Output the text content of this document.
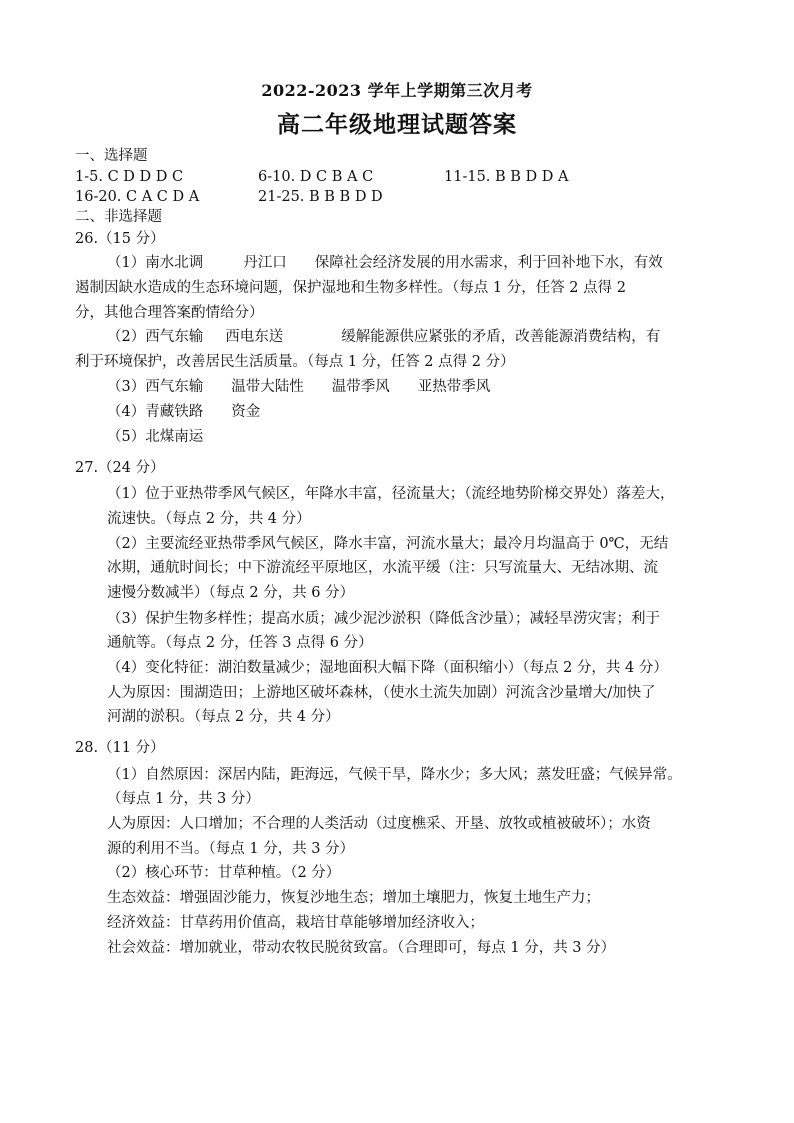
2022-2023 学年上学期第三次月考
高二年级地理试题答案
一、选择题
1-5. C D D D C	6-10. D C B A C	11-15. B B D D A
16-20. C A C D A	21-25. B B B D D
二、非选择题
26.（15 分）
（1）南水北调	丹江口 保障社会经济发展的用水需求，利于回补地下水，有效
遏制因缺水造成的生态环境问题，保护湿地和生物多样性。（每点 1 分，任答 2 点得 2
分，其他合理答案酌情给分）
（2）西气东输 西电东送	缓解能源供应紧张的矛盾，改善能源消费结构，有
利于环境保护，改善居民生活质量。（每点 1 分，任答 2 点得 2 分）
（3）西气东输 温带大陆性 温带季风 亚热带季风
（4）青藏铁路 资金
（5）北煤南运
27.（24 分）
（1）位于亚热带季风气候区，年降水丰富，径流量大；（流经地势阶梯交界处）落差大，
流速快。（每点 2 分，共 4 分）
（2）主要流经亚热带季风气候区，降水丰富，河流水量大；最冷月均温高于 0℃，无结
冰期，通航时间长；中下游流经平原地区，水流平缓（注：只写流量大、无结冰期、流
速慢分数减半）（每点 2 分，共 6 分）
（3）保护生物多样性；提高水质；减少泥沙淤积（降低含沙量）；减轻旱涝灾害；利于
通航等。（每点 2 分，任答 3 点得 6 分）
（4）变化特征：湖泊数量减少；湿地面积大幅下降（面积缩小）（每点 2 分，共 4 分）
人为原因：围湖造田；上游地区破坏森林，（使水土流失加剧）河流含沙量增大/加快了
河湖的淤积。（每点 2 分，共 4 分）
28.（11 分）
（1）自然原因：深居内陆，距海远，气候干旱，降水少；多大风；蒸发旺盛；气候异常。
（每点 1 分，共 3 分）
人为原因：人口增加；不合理的人类活动（过度樵采、开垦、放牧或植被破坏）；水资
源的利用不当。（每点 1 分，共 3 分）
（2）核心环节：甘草种植。（2 分）
生态效益：增强固沙能力，恢复沙地生态；增加土壤肥力，恢复土地生产力；
经济效益：甘草药用价值高，栽培甘草能够增加经济收入；
社会效益：增加就业，带动农牧民脱贫致富。（合理即可，每点 1 分，共 3 分）
